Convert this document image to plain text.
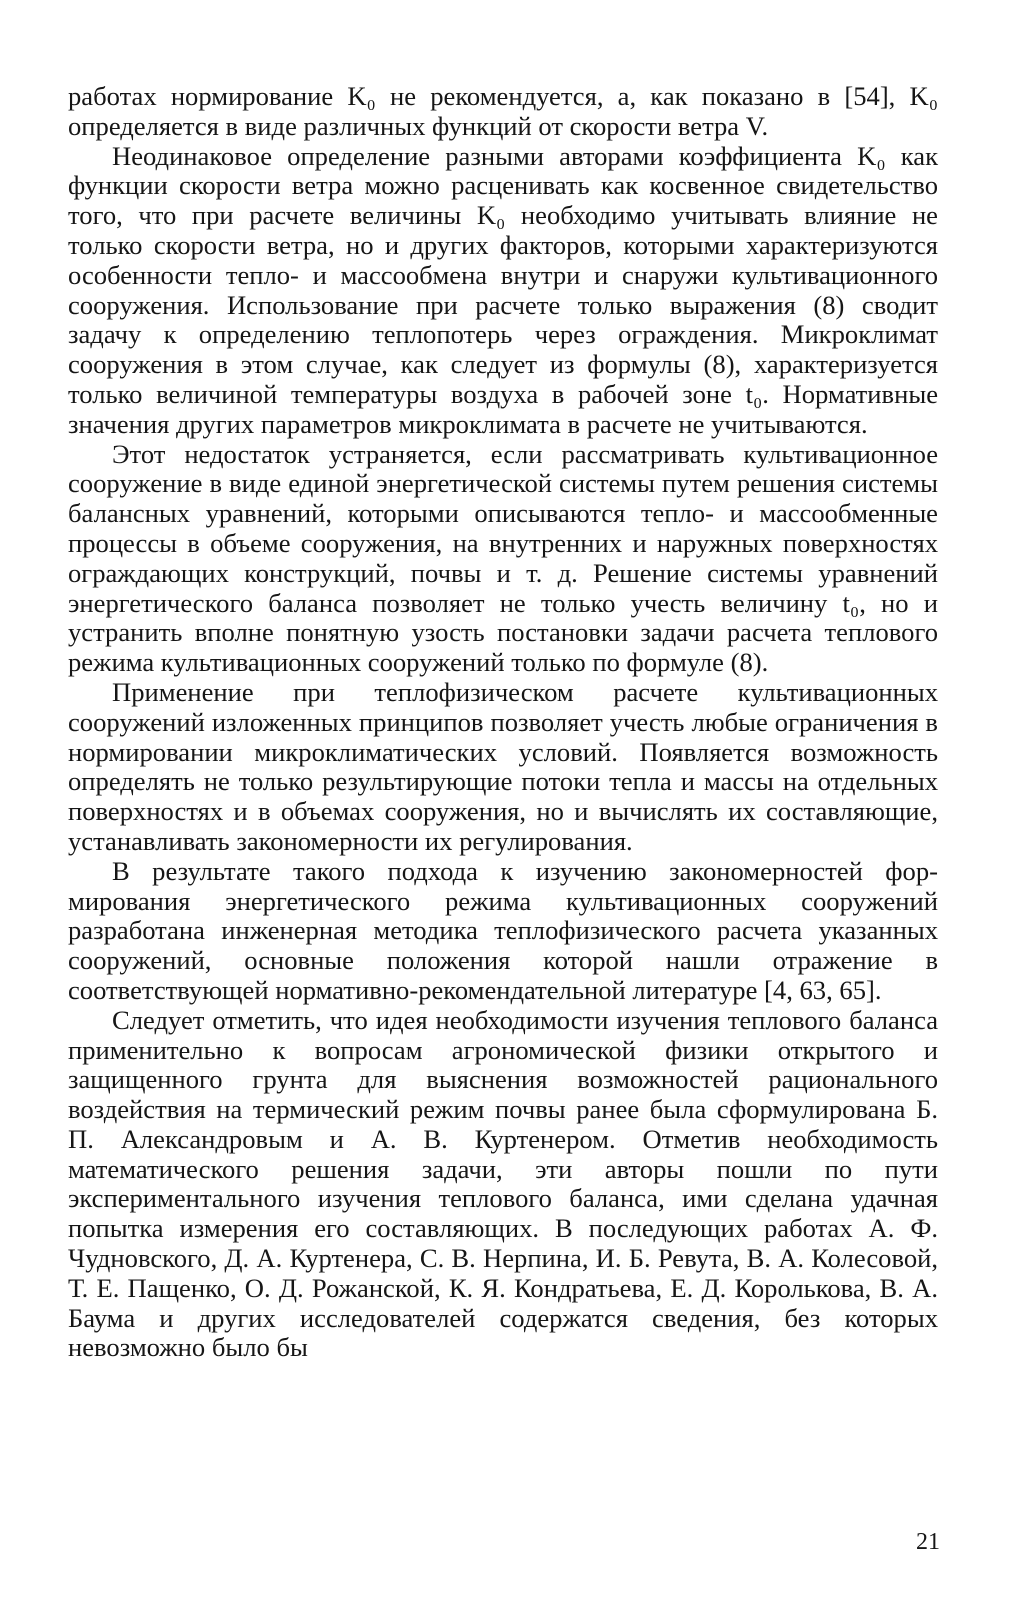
работах нормирование K₀ не рекомендуется, а, как показано в [54], K₀ определяется в виде различных функций от скорости ветра V.

Неодинаковое определение разными авторами коэффициента K₀ как функции скорости ветра можно расценивать как косвенное свидетельство того, что при расчете величины K₀ необходимо учитывать влияние не только скорости ветра, но и других факторов, которыми характеризуются особенности тепло- и массообмена внутри и снаружи культивационного сооружения. Использование при расчете только выражения (8) сводит задачу к определению теплопотерь через ограждения. Микроклимат сооружения в этом случае, как следует из формулы (8), характеризуется только величиной температуры воздуха в рабочей зоне t₀. Нормативные значения других параметров микроклимата в расчете не учитываются.

Этот недостаток устраняется, если рассматривать культивационное сооружение в виде единой энергетической системы путем решения системы балансных уравнений, которыми описываются тепло- и массообменные процессы в объеме сооружения, на внутренних и наружных поверхностях ограждающих конструкций, почвы и т. д. Решение системы уравнений энергетического баланса позволяет не только учесть величину t₀, но и устранить вполне понятную узость постановки задачи расчета теплового режима культивационных сооружений только по формуле (8).

Применение при теплофизическом расчете культивационных сооружений изложенных принципов позволяет учесть любые ограничения в нормировании микроклиматических условий. Появляется возможность определять не только результирующие потоки тепла и массы на отдельных поверхностях и в объемах сооружения, но и вычислять их составляющие, устанавливать закономерности их регулирования.

В результате такого подхода к изучению закономерностей формирования энергетического режима культивационных сооружений разработана инженерная методика теплофизического расчета указанных сооружений, основные положения которой нашли отражение в соответствующей нормативно-рекомендательной литературе [4, 63, 65].

Следует отметить, что идея необходимости изучения теплового баланса применительно к вопросам агрономической физики открытого и защищенного грунта для выяснения возможностей рационального воздействия на термический режим почвы ранее была сформулирована Б. П. Александровым и А. В. Куртенером. Отметив необходимость математического решения задачи, эти авторы пошли по пути экспериментального изучения теплового баланса, ими сделана удачная попытка измерения его составляющих. В последующих работах А. Ф. Чудновского, Д. А. Куртенера, С. В. Нерпина, И. Б. Ревута, В. А. Колесовой, Т. Е. Пащенко, О. Д. Рожанской, К. Я. Кондратьева, Е. Д. Королькова, В. А. Баума и других исследователей содержатся сведения, без которых невозможно было бы

21
